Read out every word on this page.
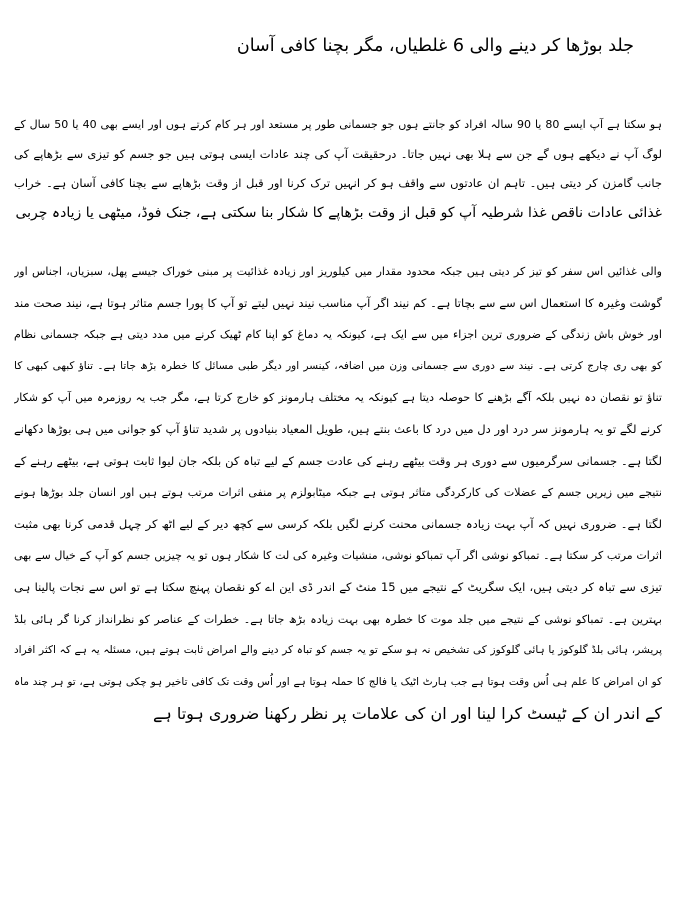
جلد بوڑھا کر دینے والی 6 غلطیاں، مگر بچنا کافی آسان
ہو سکتا ہے آپ ایسے 80 یا 90 سالہ افراد کو جانتے ہوں جو جسمانی طور پر مستعد اور ہر کام کرتے ہوں اور ایسے بھی 40 یا 50 سال کے
لوگ آپ نے دیکھے ہوں گے جن سے ہلا بھی نہیں جاتا۔ درحقیقت آپ کی چند عادات ایسی ہوتی ہیں جو جسم کو تیزی سے بڑھاپے کی
جانب گامزن کر دیتی ہیں۔ تاہم ان عادتوں سے واقف ہو کر انہیں ترک کرنا اور قبل از وقت بڑھاپے سے بچنا کافی آسان ہے۔ خراب
غذائی عادات ناقص غذا شرطیہ آپ کو قبل از وقت بڑھاپے کا شکار بنا سکتی ہے، جنک فوڈ، میٹھی یا زیادہ چربی
والی غذائیں اس سفر کو تیز کر دیتی ہیں جبکہ محدود مقدار میں کیلوریز اور زیادہ غذائیت پر مبنی خوراک جیسے پھل، سبزیاں، اجناس اور
گوشت وغیرہ کا استعمال اس سے سے بچاتا ہے۔ کم نیند اگر آپ مناسب نیند نہیں لیتے تو آپ کا پورا جسم متاثر ہوتا ہے، نیند صحت مند
اور خوش باش زندگی کے ضروری ترین اجزاء میں سے ایک ہے، کیونکہ یہ دماغ کو اپنا کام ٹھیک کرنے میں مدد دیتی ہے جبکہ جسمانی نظام
کو بھی ری چارج کرتی ہے۔ نیند سے دوری سے جسمانی وزن میں اضافہ، کینسر اور دیگر طبی مسائل کا خطرہ بڑھ جاتا ہے۔ تناؤ کبھی کبھی کا
تناؤ تو نقصان دہ نہیں بلکہ آگے بڑھنے کا حوصلہ دیتا ہے کیونکہ یہ مختلف ہارمونز کو خارج کرتا ہے، مگر جب یہ روزمرہ میں آپ کو شکار
کرنے لگے تو یہ ہارمونز سر درد اور دل میں درد کا باعث بنتے ہیں، طویل المعیاد بنیادوں پر شدید تناؤ آپ کو جوانی میں ہی بوڑھا دکھانے
لگتا ہے۔ جسمانی سرگرمیوں سے دوری ہر وقت بیٹھے رہنے کی عادت جسم کے لیے تباہ کن بلکہ جان لیوا ثابت ہوتی ہے، بیٹھے رہنے کے
نتیجے میں زیریں جسم کے عضلات کی کارکردگی متاثر ہوتی ہے جبکہ میٹابولزم پر منفی اثرات مرتب ہوتے ہیں اور انسان جلد بوڑھا ہونے
لگتا ہے۔ ضروری نہیں کہ آپ بہت زیادہ جسمانی محنت کرنے لگیں بلکہ کرسی سے کچھ دیر کے لیے اٹھ کر چہل قدمی کرنا بھی مثبت
اثرات مرتب کر سکتا ہے۔ تمباکو نوشی اگر آپ تمباکو نوشی، منشیات وغیرہ کی لت کا شکار ہوں تو یہ چیزیں جسم کو آپ کے خیال سے بھی
تیزی سے تباہ کر دیتی ہیں، ایک سگریٹ کے نتیجے میں 15 منٹ کے اندر ڈی این اے کو نقصان پہنچ سکتا ہے تو اس سے نجات پالینا ہی
بہترین ہے۔ تمباکو نوشی کے نتیجے میں جلد موت کا خطرہ بھی بہت زیادہ بڑھ جاتا ہے۔ خطرات کے عناصر کو نظرانداز کرنا گر ہائی بلڈ
پریشر، ہائی بلڈ گلوکوز یا ہائی گلوکوز کی تشخیص نہ ہو سکے تو یہ جسم کو تباہ کر دینے والے امراض ثابت ہوتے ہیں، مسئلہ یہ ہے کہ اکثر افراد
کو ان امراض کا علم ہی اُس وقت ہوتا ہے جب ہارٹ اٹیک یا فالج کا حملہ ہوتا ہے اور اُس وقت تک کافی تاخیر ہو چکی ہوتی ہے، تو ہر چند ماہ
کے اندر ان کے ٹیسٹ کرا لینا اور ان کی علامات پر نظر رکھنا ضروری ہوتا ہے
